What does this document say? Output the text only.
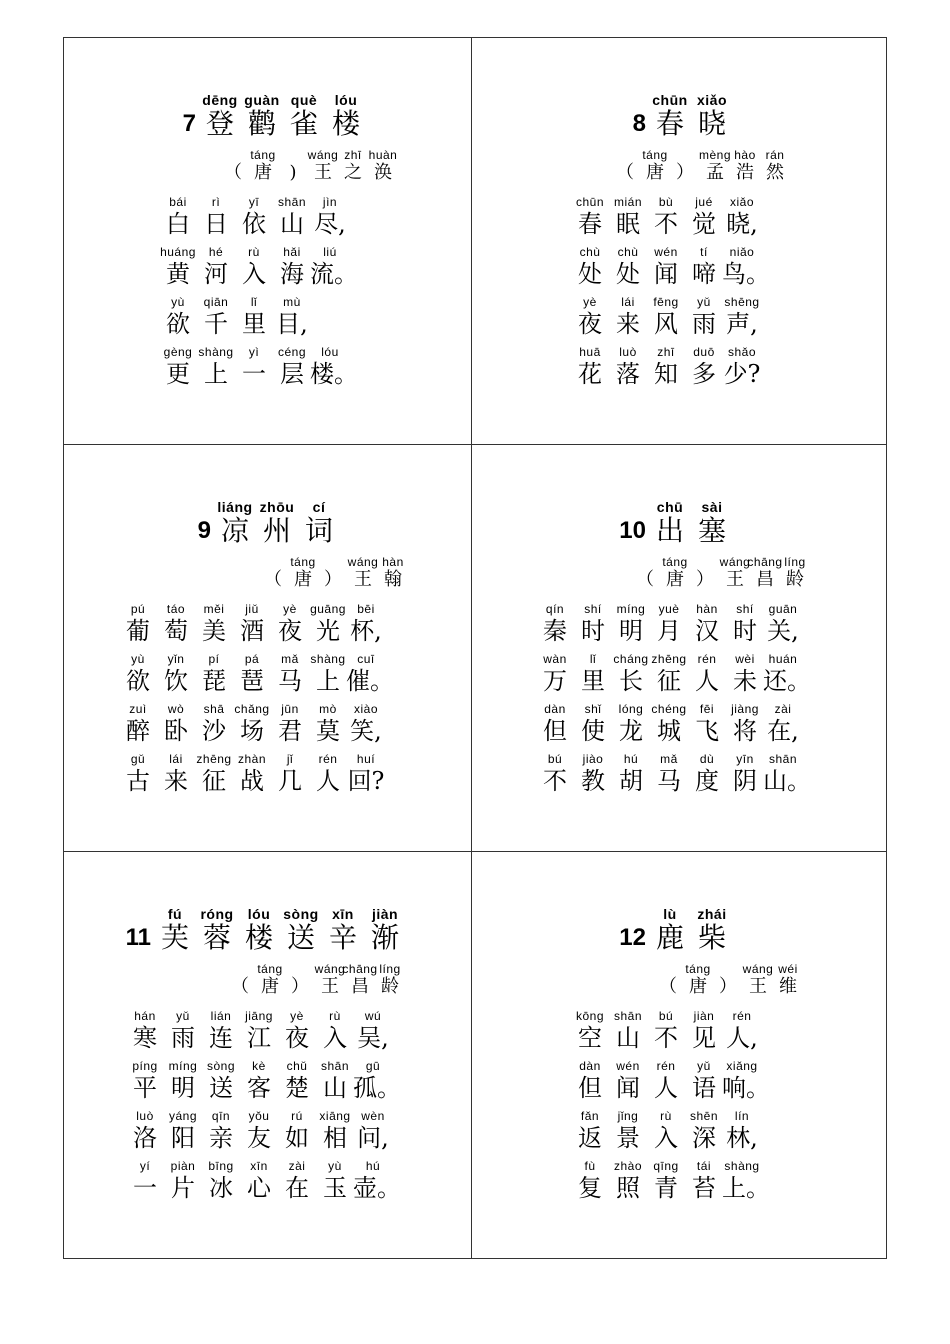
7
dēng
登
guàn
鹳
què
雀
lóu
楼
（
táng
唐 )
wáng
王
zhī
之
huàn
涣
bái
白
rì
日
yī
依
shān
山
jìn
尽,
huáng
黄
hé
河
rù
入
hǎi
海
liú
流。
yù
欲
qiān
千
lǐ
里
mù
目,
gèng
更
shàng
上
yì
一
céng
层
lóu
楼。
8
chūn
春
xiǎo
晓
（
táng
唐 ）
mèng
孟
hào
浩
rán
然
chūn
春
mián
眠
bù
不
jué
觉
xiǎo
晓,
chù
处
chù
处
wén
闻
tí
啼
niǎo
鸟。
yè
夜
lái
来
fēng
风
yǔ
雨
shēng
声,
huā
花
luò
落
zhī
知
duō
多
shǎo
少?
9
liáng
凉
zhōu
州
cí
词
（
táng
唐 ）
wáng
王
hàn
翰
pú
葡
táo
萄
měi
美
jiǔ
酒
yè
夜
guāng
光
bēi
杯,
yù
欲
yǐn
饮
pí
琵
pá
琶
mǎ
马
shàng
上
cuī
催。
zuì
醉
wò
卧
shā
沙
chǎng
场
jūn
君
mò
莫
xiào
笑,
gǔ
古
lái
来
zhēng
征
zhàn
战
jǐ
几
rén
人
huí
回?
10
chū
出
sài
塞
（
táng
唐 ）
wáng
王
chāng
昌
líng
龄
qín
秦
shí
时
míng
明
yuè
月
hàn
汉
shí
时
guān
关,
wàn
万
lǐ
里
cháng
长
zhēng
征
rén
人
wèi
未
huán
还。
dàn
但
shǐ
使
lóng
龙
chéng
城
fēi
飞
jiàng
将
zài
在,
bú
不
jiào
教
hú
胡
mǎ
马
dù
度
yīn
阴
shān
山。
11
fú
芙
róng
蓉
lóu
楼
sòng
送
xīn
辛
jiàn
渐
（
táng
唐 ）
wáng
王
chāng
昌
líng
龄
hán
寒
yǔ
雨
lián
连
jiāng
江
yè
夜
rù
入
wú
吴,
píng
平
míng
明
sòng
送
kè
客
chǔ
楚
shān
山
gū
孤。
luò
洛
yáng
阳
qīn
亲
yǒu
友
rú
如
xiāng
相
wèn
问,
yí
一
piàn
片
bīng
冰
xīn
心
zài
在
yù
玉
hú
壶。
12
lù
鹿
zhái
柴
（
táng
唐 ）
wáng
王
wéi
维
kōng
空
shān
山
bú
不
jiàn
见
rén
人,
dàn
但
wén
闻
rén
人
yǔ
语
xiǎng
响。
fǎn
返
jǐng
景
rù
入
shēn
深
lín
林,
fù
复
zhào
照
qīng
青
tái
苔
shàng
上。
